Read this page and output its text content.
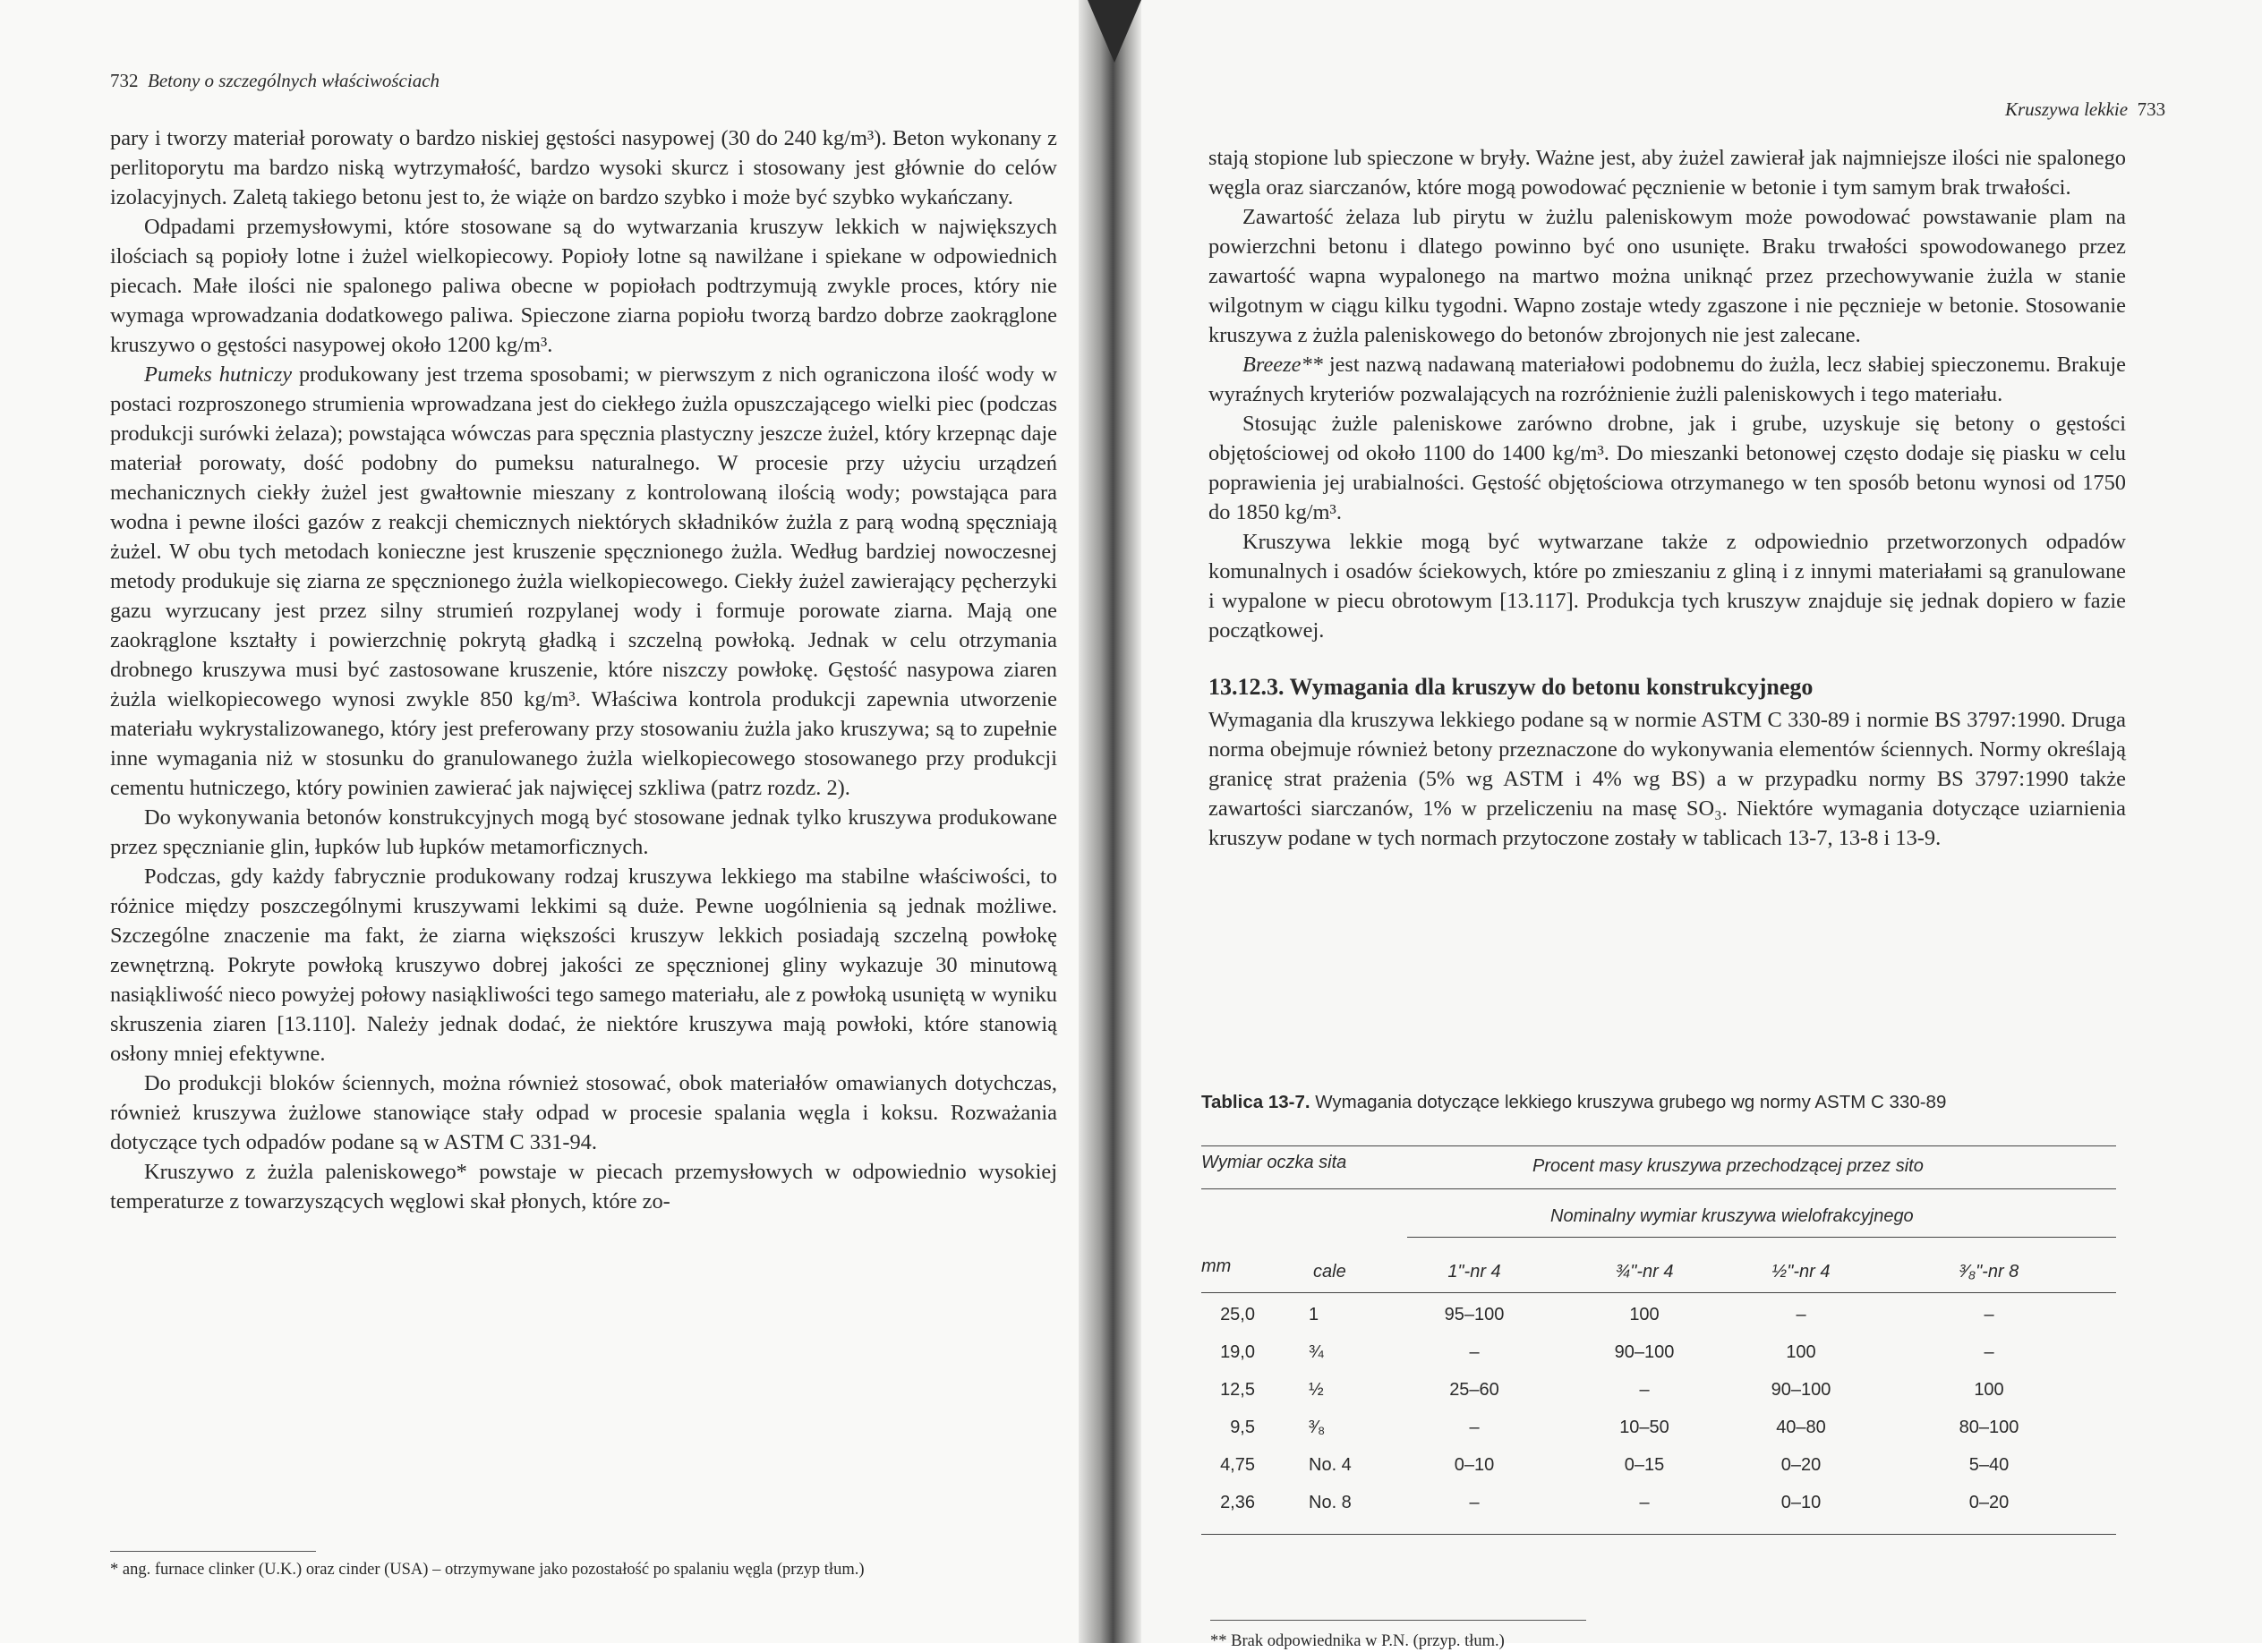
732 Betony o szczególnych właściwościach

pary i tworzy materiał porowaty o bardzo niskiej gęstości nasypowej (30 do 240 kg/m³). Beton wykonany z perlitoporytu ma bardzo niską wytrzymałość, bardzo wysoki skurcz i stosowany jest głównie do celów izolacyjnych. Zaletą takiego betonu jest to, że wiąże on bardzo szybko i może być szybko wykańczany.

Odpadami przemysłowymi, które stosowane są do wytwarzania kruszyw lekkich w największych ilościach są popioły lotne i żużel wielkopiecowy. Popioły lotne są nawilżane i spiekane w odpowiednich piecach. Małe ilości nie spalonego paliwa obecne w popiołach podtrzymują zwykle proces, który nie wymaga wprowadzania dodatkowego paliwa. Spieczone ziarna popiołu tworzą bardzo dobrze zaokrąglone kruszywo o gęstości nasypowej około 1200 kg/m³.

Pumeks hutniczy produkowany jest trzema sposobami; w pierwszym z nich ograniczona ilość wody w postaci rozproszonego strumienia wprowadzana jest do ciekłego żużla opuszczającego wielki piec (podczas produkcji surówki żelaza); powstająca wówczas para spęcznia plastyczny jeszcze żużel, który krzepnąc daje materiał porowaty, dość podobny do pumeksu naturalnego. W procesie przy użyciu urządzeń mechanicznych ciekły żużel jest gwałtownie mieszany z kontrolowaną ilością wody; powstająca para wodna i pewne ilości gazów z reakcji chemicznych niektórych składników żużla z parą wodną spęczniają żużel. W obu tych metodach konieczne jest kruszenie spęcznionego żużla. Według bardziej nowoczesnej metody produkuje się ziarna ze spęcznionego żużla wielkopiecowego. Ciekły żużel zawierający pęcherzyki gazu wyrzucany jest przez silny strumień rozpylanej wody i formuje porowate ziarna. Mają one zaokrąglone kształty i powierzchnię pokrytą gładką i szczelną powłoką. Jednak w celu otrzymania drobnego kruszywa musi być zastosowane kruszenie, które niszczy powłokę. Gęstość nasypowa ziaren żużla wielkopiecowego wynosi zwykle 850 kg/m³. Właściwa kontrola produkcji zapewnia utworzenie materiału wykrystalizowanego, który jest preferowany przy stosowaniu żużla jako kruszywa; są to zupełnie inne wymagania niż w stosunku do granulowanego żużla wielkopiecowego stosowanego przy produkcji cementu hutniczego, który powinien zawierać jak najwięcej szkliwa (patrz rozdz. 2).

Do wykonywania betonów konstrukcyjnych mogą być stosowane jednak tylko kruszywa produkowane przez spęcznianie glin, łupków lub łupków metamorficznych.

Podczas, gdy każdy fabrycznie produkowany rodzaj kruszywa lekkiego ma stabilne właściwości, to różnice między poszczególnymi kruszywami lekkimi są duże. Pewne uogólnienia są jednak możliwe. Szczególne znaczenie ma fakt, że ziarna większości kruszyw lekkich posiadają szczelną powłokę zewnętrzną. Pokryte powłoką kruszywo dobrej jakości ze spęcznionej gliny wykazuje 30 minutową nasiąkliwość nieco powyżej połowy nasiąkliwości tego samego materiału, ale z powłoką usuniętą w wyniku skruszenia ziaren [13.110]. Należy jednak dodać, że niektóre kruszywa mają powłoki, które stanowią osłony mniej efektywne.

Do produkcji bloków ściennych, można również stosować, obok materiałów omawianych dotychczas, również kruszywa żużlowe stanowiące stały odpad w procesie spalania węgla i koksu. Rozważania dotyczące tych odpadów podane są w ASTM C 331-94.

Kruszywo z żużla paleniskowego* powstaje w piecach przemysłowych w odpowiednio wysokiej temperaturze z towarzyszących węglowi skał płonych, które zo-

* ang. furnace clinker (U.K.) oraz cinder (USA) – otrzymywane jako pozostałość po spalaniu węgla (przyp tłum.)
Kruszywa lekkie 733

stają stopione lub spieczone w bryły. Ważne jest, aby żużel zawierał jak najmniejsze ilości nie spalonego węgla oraz siarczanów, które mogą powodować pęcznienie w betonie i tym samym brak trwałości.

Zawartość żelaza lub pirytu w żużlu paleniskowym może powodować powstawanie plam na powierzchni betonu i dlatego powinno być ono usunięte. Braku trwałości spowodowanego przez zawartość wapna wypalonego na martwo można uniknąć przez przechowywanie żużla w stanie wilgotnym w ciągu kilku tygodni. Wapno zostaje wtedy zgaszone i nie pęcznieje w betonie. Stosowanie kruszywa z żużla paleniskowego do betonów zbrojonych nie jest zalecane.

Breeze** jest nazwą nadawaną materiałowi podobnemu do żużla, lecz słabiej spieczonemu. Brakuje wyraźnych kryteriów pozwalających na rozróżnienie żużli paleniskowych i tego materiału.

Stosując żużle paleniskowe zarówno drobne, jak i grube, uzyskuje się betony o gęstości objętościowej od około 1100 do 1400 kg/m³. Do mieszanki betonowej często dodaje się piasku w celu poprawienia jej urabialności. Gęstość objętościowa otrzymanego w ten sposób betonu wynosi od 1750 do 1850 kg/m³.

Kruszywa lekkie mogą być wytwarzane także z odpowiednio przetworzonych odpadów komunalnych i osadów ściekowych, które po zmieszaniu z gliną i z innymi materiałami są granulowane i wypalone w piecu obrotowym [13.117]. Produkcja tych kruszyw znajduje się jednak dopiero w fazie początkowej.

13.12.3. Wymagania dla kruszyw do betonu konstrukcyjnego

Wymagania dla kruszywa lekkiego podane są w normie ASTM C 330-89 i normie BS 3797:1990. Druga norma obejmuje również betony przeznaczone do wykonywania elementów ściennych. Normy określają granicę strat prażenia (5% wg ASTM i 4% wg BS) a w przypadku normy BS 3797:1990 także zawartości siarczanów, 1% w przeliczeniu na masę SO₃. Niektóre wymagania dotyczące uziarnienia kruszyw podane w tych normach przytoczone zostały w tablicach 13-7, 13-8 i 13-9.

Tablica 13-7. Wymagania dotyczące lekkiego kruszywa grubego wg normy ASTM C 330-89
Wymiar oczka sita	Procent masy kruszywa przechodzącej przez sito
Nominalny wymiar kruszywa wielofrakcyjnego
mm	cale	1"-nr 4	¾"-nr 4	½"-nr 4	³⁄₈"-nr 8
25,0	1	95–100	100	–	–
19,0	¾	–	90–100	100	–
12,5	½	25–60	–	90–100	100
9,5	³⁄₈	–	10–50	40–80	80–100
4,75	No. 4	0–10	0–15	0–20	5–40
2,36	No. 8	–	–	0–10	0–20
** Brak odpowiednika w P.N. (przyp. tłum.)
